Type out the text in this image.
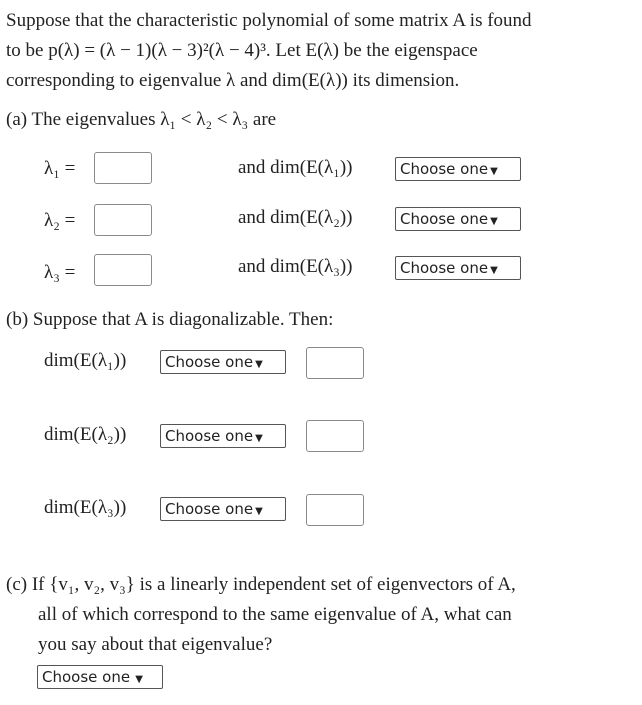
Suppose that the characteristic polynomial of some matrix A is found
to be p(λ) = (λ − 1)(λ − 3)²(λ − 4)³. Let E(λ) be the eigenspace
corresponding to eigenvalue λ and dim(E(λ)) its dimension.
(a) The eigenvalues λ₁ < λ₂ < λ₃ are
λ₁ =	and dim(E(λ₁))	Choose one ▼
λ₂ =	and dim(E(λ₂))	Choose one ▼
λ₃ =	and dim(E(λ₃))	Choose one ▼
(b) Suppose that A is diagonalizable. Then:
dim(E(λ₁))	Choose one ▼
dim(E(λ₂))	Choose one ▼
dim(E(λ₃))	Choose one ▼
(c) If {v₁, v₂, v₃} is a linearly independent set of eigenvectors of A,
all of which correspond to the same eigenvalue of A, what can
you say about that eigenvalue?
Choose one ▼
